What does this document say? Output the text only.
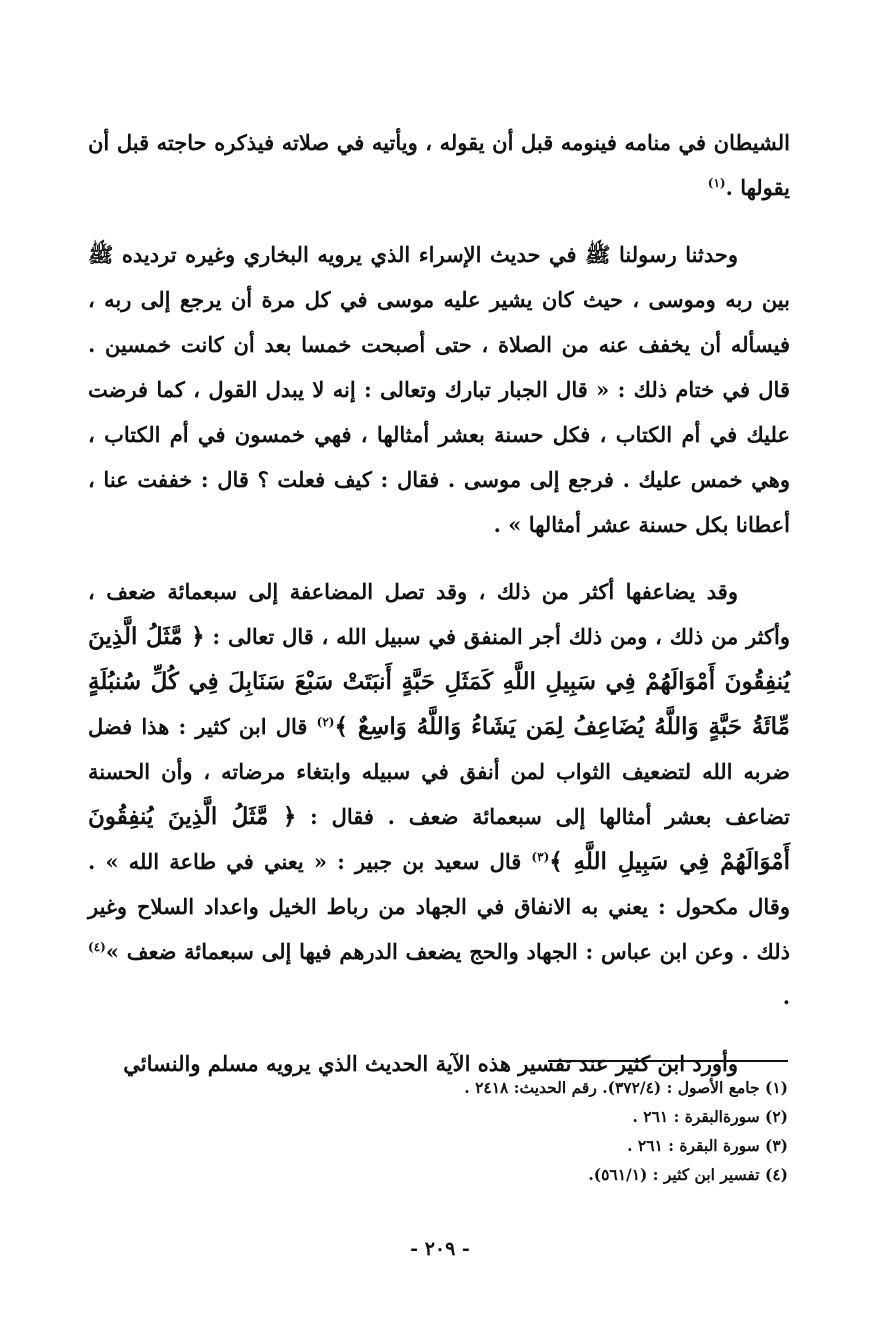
الشيطان في منامه فينومه قبل أن يقوله ، ويأتيه في صلاته فيذكره حاجته قبل أن يقولها .$^{(١)}$

وحدثنا رسولنا ﷺ في حديث الإسراء الذي يرويه البخاري وغيره ترديده ﷺ بين ربه وموسى ، حيث كان يشير عليه موسى في كل مرة أن يرجع إلى ربه ، فيسأله أن يخفف عنه من الصلاة ، حتى أصبحت خمسا بعد أن كانت خمسين . قال في ختام ذلك : « قال الجبار تبارك وتعالى : إنه لا يبدل القول ، كما فرضت عليك في أم الكتاب ، فكل حسنة بعشر أمثالها ، فهي خمسون في أم الكتاب ، وهي خمس عليك . فرجع إلى موسى . فقال : كيف فعلت ؟ قال : خففت عنا ، أعطانا بكل حسنة عشر أمثالها » .

وقد يضاعفها أكثر من ذلك ، وقد تصل المضاعفة إلى سبعمائة ضعف ، وأكثر من ذلك ، ومن ذلك أجر المنفق في سبيل الله ، قال تعالى : ﴿ مَّثَلُ الَّذِينَ يُنفِقُونَ أَمْوَالَهُمْ فِي سَبِيلِ اللَّهِ كَمَثَلِ حَبَّةٍ أَنبَتَتْ سَبْعَ سَنَابِلَ فِي كُلِّ سُنبُلَةٍ مِّائَةُ حَبَّةٍ وَاللَّهُ يُضَاعِفُ لِمَن يَشَاءُ وَاللَّهُ وَاسِعٌ ﴾$^{(٢)}$ قال ابن كثير : هذا فضل ضربه الله لتضعيف الثواب لمن أنفق في سبيله وابتغاء مرضاته ، وأن الحسنة تضاعف بعشر أمثالها إلى سبعمائة ضعف . فقال : ﴿ مَّثَلُ الَّذِينَ يُنفِقُونَ أَمْوَالَهُمْ فِي سَبِيلِ اللَّهِ ﴾$^{(٣)}$ قال سعيد بن جبير : « يعني في طاعة الله » . وقال مكحول : يعني به الانفاق في الجهاد من رباط الخيل واعداد السلاح وغير ذلك . وعن ابن عباس : الجهاد والحج يضعف الدرهم فيها إلى سبعمائة ضعف »$^{(٤)}$ .

وأورد ابن كثير عند تفسير هذه الآية الحديث الذي يرويه مسلم والنسائي

(١) جامع الأصول : (٣٧٢/٤). رقم الحديث: ٢٤١٨ .
(٢) سورةالبقرة : ٢٦١ .
(٣) سورة البقرة : ٢٦١ .
(٤) تفسير ابن كثير : (٥٦١/١).
- ٢٠٩ -
